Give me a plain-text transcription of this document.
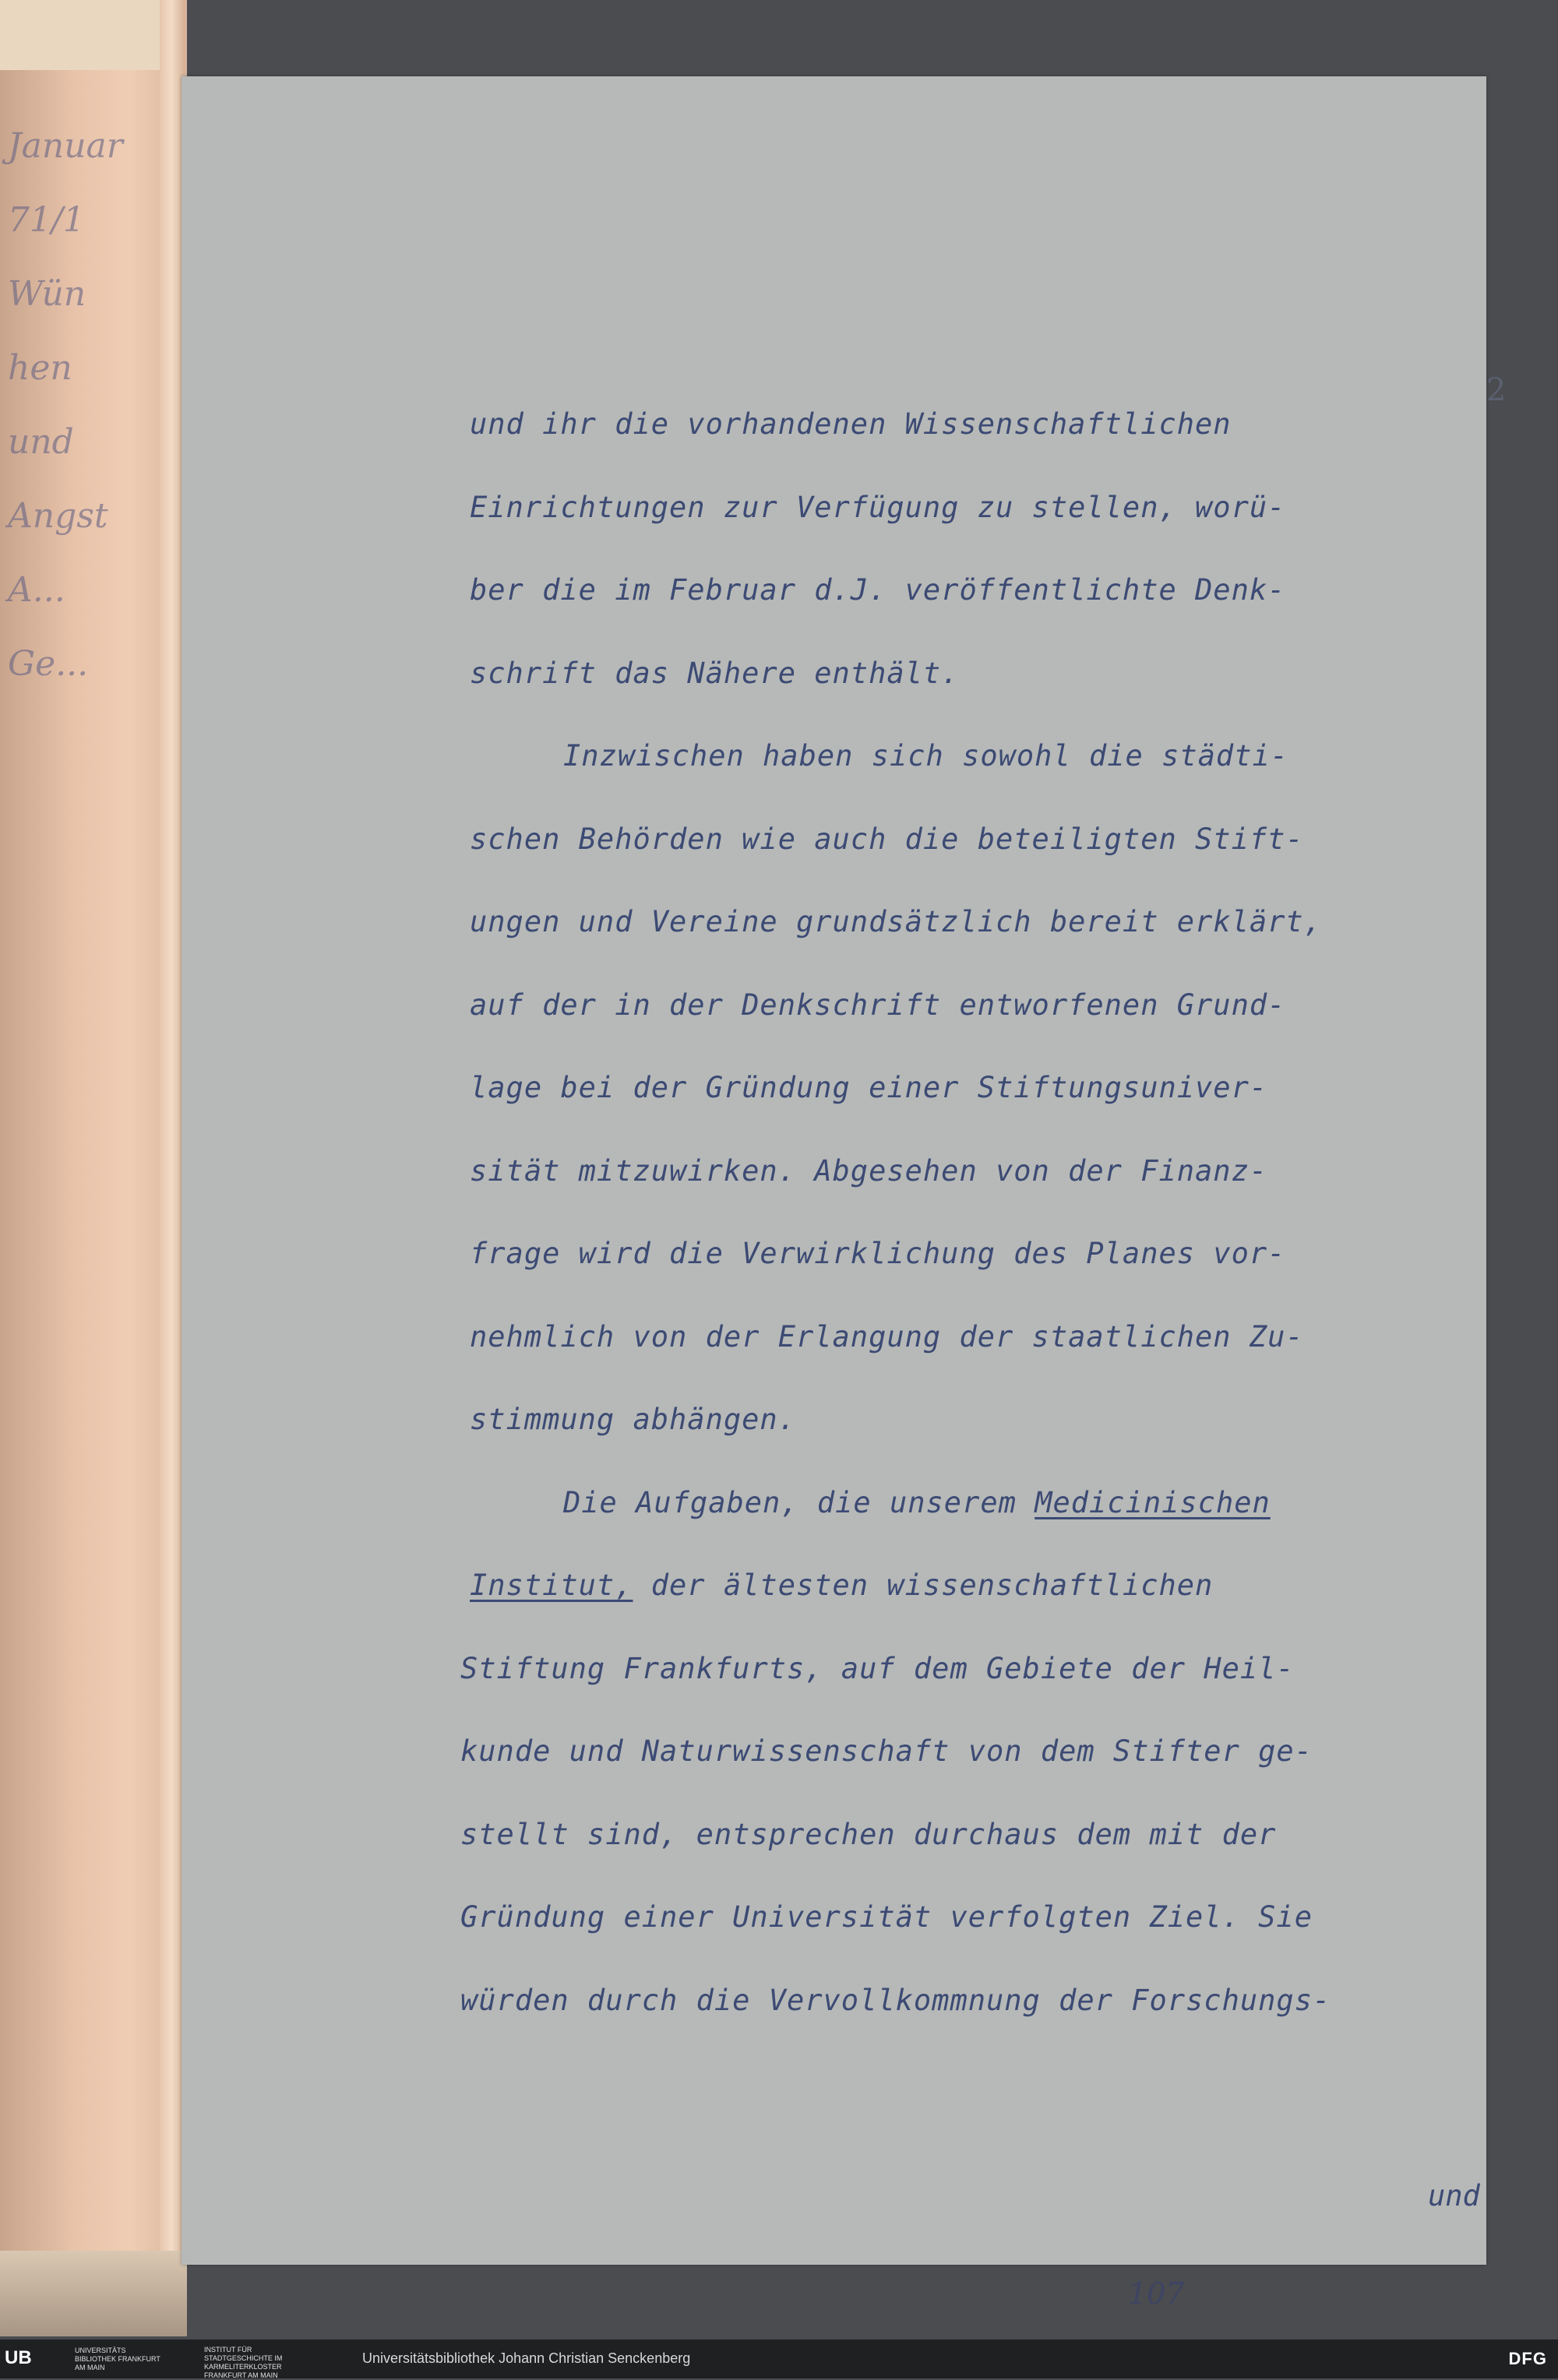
Januar 71/1
Wün hen und
Angst
A...
Ge...
2
und ihr die vorhandenen Wissenschaftlichen
Einrichtungen zur Verfügung zu stellen, worü-
ber die im Februar d.J. veröffentlichte Denk-
schrift das Nähere enthält.
Inzwischen haben sich sowohl die städti-
schen Behörden wie auch die beteiligten Stift-
ungen und Vereine grundsätzlich bereit erklärt,
auf der in der Denkschrift entworfenen Grund-
lage bei der Gründung einer Stiftungsuniver-
sität mitzuwirken. Abgesehen von der Finanz-
frage wird die Verwirklichung des Planes vor-
nehmlich von der Erlangung der staatlichen Zu-
stimmung abhängen.
Die Aufgaben, die unserem Medicinischen
Institut, der ältesten wissenschaftlichen
Stiftung Frankfurts, auf dem Gebiete der Heil-
kunde und Naturwissenschaft von dem Stifter ge-
stellt sind, entsprechen durchaus dem mit der
Gründung einer Universität verfolgten Ziel. Sie
würden durch die Vervollkommnung der Forschungs-
und
107
UB	UNIVERSITÄTS BIBLIOTHEK FRANKFURT AM MAIN
INSTITUT FÜR STADTGESCHICHTE IM KARMELITERKLOSTER FRANKFURT AM MAIN
Universitätsbibliothek Johann Christian Senckenberg	DFG
